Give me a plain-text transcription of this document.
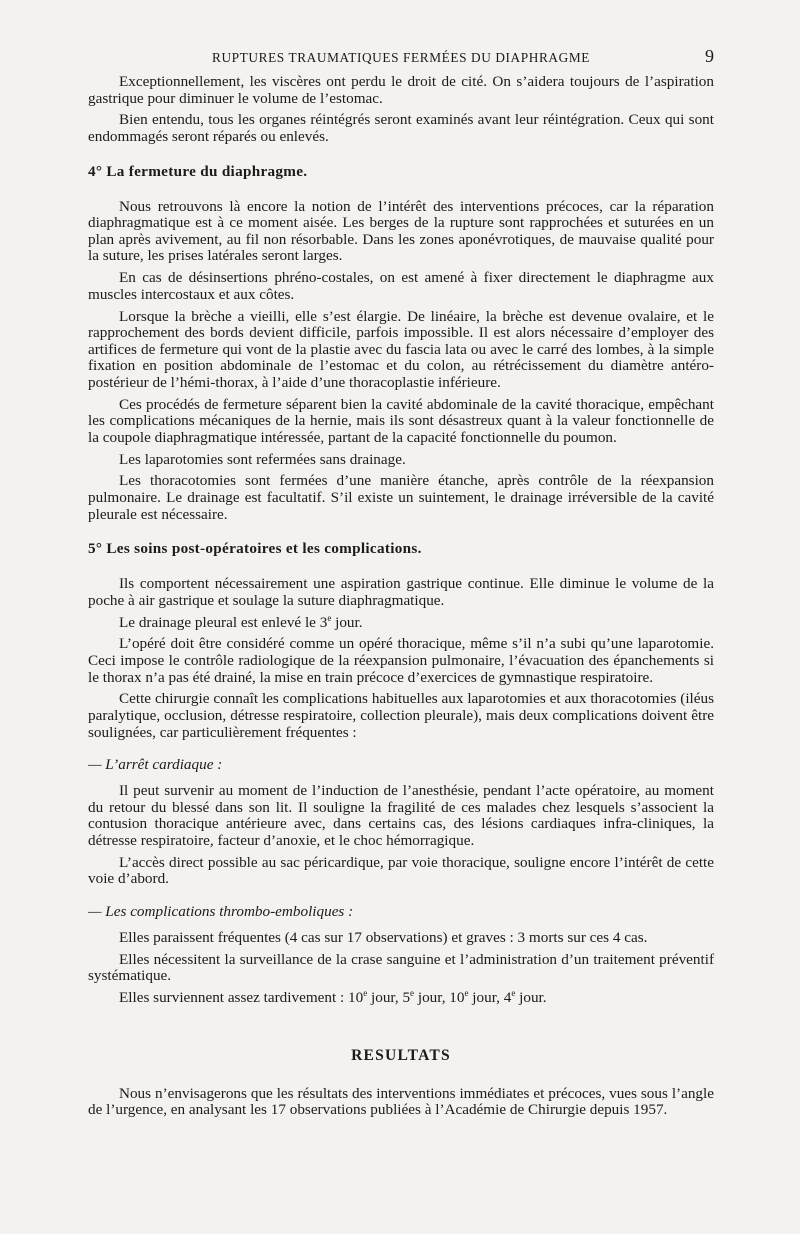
RUPTURES TRAUMATIQUES FERMÉES DU DIAPHRAGME	9

Exceptionnellement, les viscères ont perdu le droit de cité. On s’aidera toujours de l’aspiration gastrique pour diminuer le volume de l’estomac.

Bien entendu, tous les organes réintégrés seront examinés avant leur réintégration. Ceux qui sont endommagés seront réparés ou enlevés.

4° La fermeture du diaphragme.

Nous retrouvons là encore la notion de l’intérêt des interventions précoces, car la réparation diaphragmatique est à ce moment aisée. Les berges de la rupture sont rapprochées et suturées en un plan après avivement, au fil non résorbable. Dans les zones aponévrotiques, de mauvaise qualité pour la suture, les prises latérales seront larges.

En cas de désinsertions phréno-costales, on est amené à fixer directement le diaphragme aux muscles intercostaux et aux côtes.

Lorsque la brèche a vieilli, elle s’est élargie. De linéaire, la brèche est devenue ovalaire, et le rapprochement des bords devient difficile, parfois impossible. Il est alors nécessaire d’employer des artifices de fermeture qui vont de la plastie avec du fascia lata ou avec le carré des lombes, à la simple fixation en position abdominale de l’estomac et du colon, au rétrécissement du diamètre antéro-postérieur de l’hémi-thorax, à l’aide d’une thoracoplastie inférieure.

Ces procédés de fermeture séparent bien la cavité abdominale de la cavité thoracique, empêchant les complications mécaniques de la hernie, mais ils sont désastreux quant à la valeur fonctionnelle de la coupole diaphragmatique intéressée, partant de la capacité fonctionnelle du poumon.

Les laparotomies sont refermées sans drainage.

Les thoracotomies sont fermées d’une manière étanche, après contrôle de la réexpansion pulmonaire. Le drainage est facultatif. S’il existe un suintement, le drainage irréversible de la cavité pleurale est nécessaire.

5° Les soins post-opératoires et les complications.

Ils comportent nécessairement une aspiration gastrique continue. Elle diminue le volume de la poche à air gastrique et soulage la suture diaphragmatique.

Le drainage pleural est enlevé le 3e jour.

L’opéré doit être considéré comme un opéré thoracique, même s’il n’a subi qu’une laparotomie. Ceci impose le contrôle radiologique de la réexpansion pulmonaire, l’évacuation des épanchements si le thorax n’a pas été drainé, la mise en train précoce d’exercices de gymnastique respiratoire.

Cette chirurgie connaît les complications habituelles aux laparotomies et aux thoracotomies (iléus paralytique, occlusion, détresse respiratoire, collection pleurale), mais deux complications doivent être soulignées, car particulièrement fréquentes :

— L’arrêt cardiaque :

Il peut survenir au moment de l’induction de l’anesthésie, pendant l’acte opératoire, au moment du retour du blessé dans son lit. Il souligne la fragilité de ces malades chez lesquels s’associent la contusion thoracique antérieure avec, dans certains cas, des lésions cardiaques infra-cliniques, la détresse respiratoire, facteur d’anoxie, et le choc hémorragique.

L’accès direct possible au sac péricardique, par voie thoracique, souligne encore l’intérêt de cette voie d’abord.

— Les complications thrombo-emboliques :

Elles paraissent fréquentes (4 cas sur 17 observations) et graves : 3 morts sur ces 4 cas.

Elles nécessitent la surveillance de la crase sanguine et l’administration d’un traitement préventif systématique.

Elles surviennent assez tardivement : 10e jour, 5e jour, 10e jour, 4e jour.

RESULTATS

Nous n’envisagerons que les résultats des interventions immédiates et précoces, vues sous l’angle de l’urgence, en analysant les 17 observations publiées à l’Académie de Chirurgie depuis 1957.
